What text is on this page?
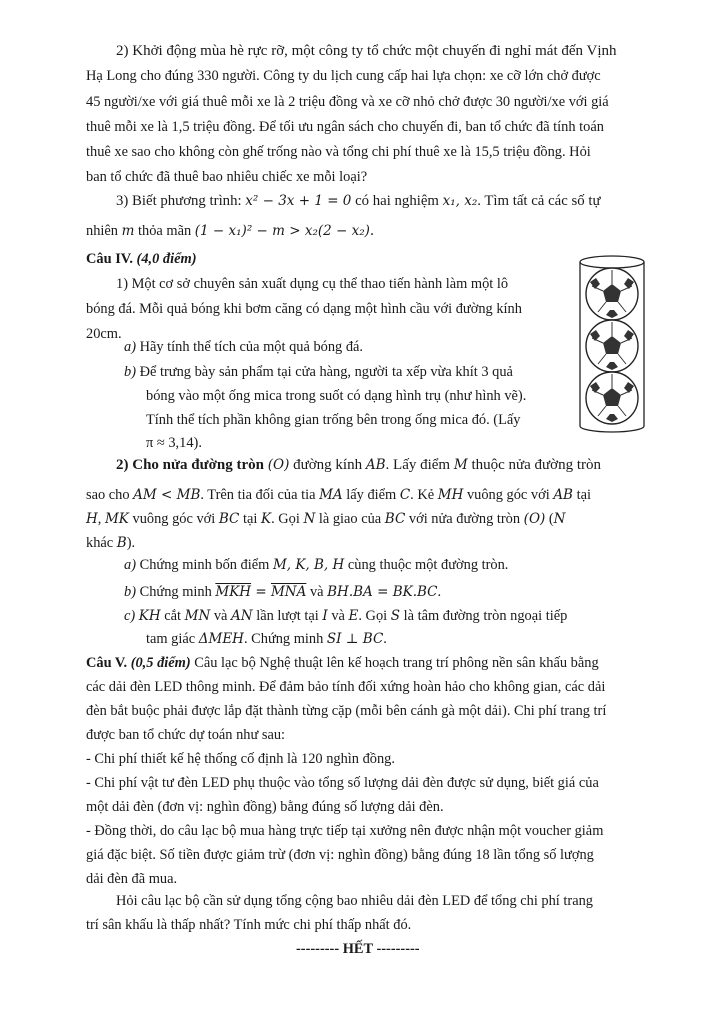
2) Khởi động mùa hè rực rỡ, một công ty tổ chức một chuyến đi nghỉ mát đến Vịnh
Hạ Long cho đúng 330 người. Công ty du lịch cung cấp hai lựa chọn: xe cỡ lớn chở được
45 người/xe với giá thuê mỗi xe là 2 triệu đồng và xe cỡ nhỏ chở được 30 người/xe với giá
thuê mỗi xe là 1,5 triệu đồng. Để tối ưu ngân sách cho chuyến đi, ban tổ chức đã tính toán
thuê xe sao cho không còn ghế trống nào và tổng chi phí thuê xe là 15,5 triệu đồng. Hỏi
ban tổ chức đã thuê bao nhiêu chiếc xe mỗi loại?
3) Biết phương trình: x² − 3x + 1 = 0 có hai nghiệm x₁, x₂. Tìm tất cả các số tự
nhiên m thỏa mãn (1 − x₁)² − m > x₂(2 − x₂).
Câu IV. (4,0 điểm)
1) Một cơ sở chuyên sản xuất dụng cụ thể thao tiến hành làm một lô
bóng đá. Mỗi quả bóng khi bơm căng có dạng một hình cầu với đường kính
20cm.
a) Hãy tính thể tích của một quả bóng đá.
b) Để trưng bày sản phẩm tại cửa hàng, người ta xếp vừa khít 3 quả
bóng vào một ống mica trong suốt có dạng hình trụ (như hình vẽ).
Tính thể tích phần không gian trống bên trong ống mica đó. (Lấy
π ≈ 3,14).
2) Cho nửa đường tròn (O) đường kính AB. Lấy điểm M thuộc nửa đường tròn
sao cho AM < MB. Trên tia đối của tia MA lấy điểm C. Kẻ MH vuông góc với AB tại
H, MK vuông góc với BC tại K. Gọi N là giao của BC với nửa đường tròn (O) (N
khác B).
a) Chứng minh bốn điểm M, K, B, H cùng thuộc một đường tròn.
b) Chứng minh $\overline{MKH} = \overline{MNA}$ và BH.BA = BK.BC.
c) KH cắt MN và AN lần lượt tại I và E. Gọi S là tâm đường tròn ngoại tiếp
tam giác ΔMEH. Chứng minh SI ⊥ BC.
Câu V. (0,5 điểm) Câu lạc bộ Nghệ thuật lên kế hoạch trang trí phông nền sân khấu bằng
các dải đèn LED thông minh. Để đảm bảo tính đối xứng hoàn hảo cho không gian, các dải
đèn bắt buộc phải được lắp đặt thành từng cặp (mỗi bên cánh gà một dải). Chi phí trang trí
được ban tổ chức dự toán như sau:
- Chi phí thiết kế hệ thống cố định là 120 nghìn đồng.
- Chi phí vật tư đèn LED phụ thuộc vào tổng số lượng dải đèn được sử dụng, biết giá của
một dải đèn (đơn vị: nghìn đồng) bằng đúng số lượng dải đèn.
- Đồng thời, do câu lạc bộ mua hàng trực tiếp tại xưởng nên được nhận một voucher giảm
giá đặc biệt. Số tiền được giảm trừ (đơn vị: nghìn đồng) bằng đúng 18 lần tổng số lượng
dải đèn đã mua.
Hỏi câu lạc bộ cần sử dụng tổng cộng bao nhiêu dải đèn LED để tổng chi phí trang
trí sân khấu là thấp nhất? Tính mức chi phí thấp nhất đó.
--------- HẾT ---------
